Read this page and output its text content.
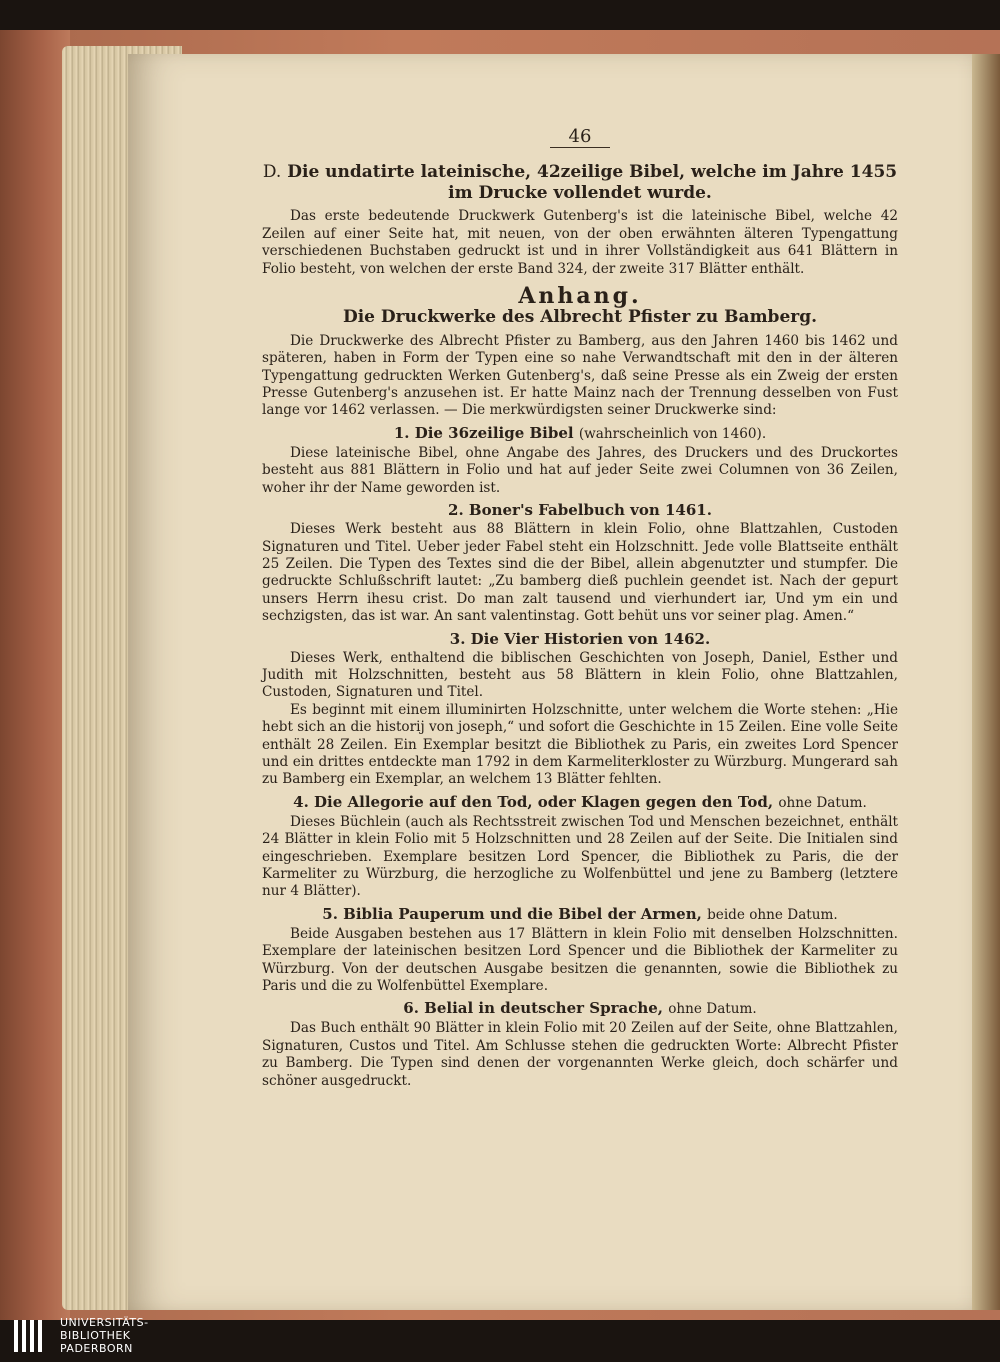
46
D. Die undatirte lateinische, 42zeilige Bibel, welche im Jahre 1455 im Drucke vollendet wurde.

Das erste bedeutende Druckwerk Gutenberg's ist die lateinische Bibel, welche 42 Zeilen auf einer Seite hat, mit neuen, von der oben erwähnten älteren Typengattung verschiedenen Buchstaben gedruckt ist und in ihrer Vollständigkeit aus 641 Blättern in Folio besteht, von welchen der erste Band 324, der zweite 317 Blätter enthält.

Anhang.
Die Druckwerke des Albrecht Pfister zu Bamberg.

Die Druckwerke des Albrecht Pfister zu Bamberg, aus den Jahren 1460 bis 1462 und späteren, haben in Form der Typen eine so nahe Verwandtschaft mit den in der älteren Typengattung gedruckten Werken Gutenberg's, daß seine Presse als ein Zweig der ersten Presse Gutenberg's anzusehen ist. Er hatte Mainz nach der Trennung desselben von Fust lange vor 1462 verlassen. — Die merkwürdigsten seiner Druckwerke sind:

1. Die 36zeilige Bibel (wahrscheinlich von 1460).

Diese lateinische Bibel, ohne Angabe des Jahres, des Druckers und des Druckortes besteht aus 881 Blättern in Folio und hat auf jeder Seite zwei Columnen von 36 Zeilen, woher ihr der Name geworden ist.

2. Boner's Fabelbuch von 1461.

Dieses Werk besteht aus 88 Blättern in klein Folio, ohne Blattzahlen, Custoden Signaturen und Titel. Ueber jeder Fabel steht ein Holzschnitt. Jede volle Blattseite enthält 25 Zeilen. Die Typen des Textes sind die der Bibel, allein abgenutzter und stumpfer. Die gedruckte Schlußschrift lautet: „Zu bamberg dieß puchlein geendet ist. Nach der gepurt unsers Herrn ihesu crist. Do man zalt tausend und vierhundert iar, Und ym ein und sechzigsten, das ist war. An sant valentinstag. Gott behüt uns vor seiner plag. Amen.“

3. Die Vier Historien von 1462.

Dieses Werk, enthaltend die biblischen Geschichten von Joseph, Daniel, Esther und Judith mit Holzschnitten, besteht aus 58 Blättern in klein Folio, ohne Blattzahlen, Custoden, Signaturen und Titel.

Es beginnt mit einem illuminirten Holzschnitte, unter welchem die Worte stehen: „Hie hebt sich an die historij von joseph,“ und sofort die Geschichte in 15 Zeilen. Eine volle Seite enthält 28 Zeilen. Ein Exemplar besitzt die Bibliothek zu Paris, ein zweites Lord Spencer und ein drittes entdeckte man 1792 in dem Karmeliterkloster zu Würzburg. Mungerard sah zu Bamberg ein Exemplar, an welchem 13 Blätter fehlten.

4. Die Allegorie auf den Tod, oder Klagen gegen den Tod, ohne Datum.

Dieses Büchlein (auch als Rechtsstreit zwischen Tod und Menschen bezeichnet, enthält 24 Blätter in klein Folio mit 5 Holzschnitten und 28 Zeilen auf der Seite. Die Initialen sind eingeschrieben. Exemplare besitzen Lord Spencer, die Bibliothek zu Paris, die der Karmeliter zu Würzburg, die herzogliche zu Wolfenbüttel und jene zu Bamberg (letztere nur 4 Blätter).

5. Biblia Pauperum und die Bibel der Armen, beide ohne Datum.

Beide Ausgaben bestehen aus 17 Blättern in klein Folio mit denselben Holzschnitten. Exemplare der lateinischen besitzen Lord Spencer und die Bibliothek der Karmeliter zu Würzburg. Von der deutschen Ausgabe besitzen die genannten, sowie die Bibliothek zu Paris und die zu Wolfenbüttel Exemplare.

6. Belial in deutscher Sprache, ohne Datum.

Das Buch enthält 90 Blätter in klein Folio mit 20 Zeilen auf der Seite, ohne Blattzahlen, Signaturen, Custos und Titel. Am Schlusse stehen die gedruckten Worte: Albrecht Pfister zu Bamberg. Die Typen sind denen der vorgenannten Werke gleich, doch schärfer und schöner ausgedruckt.

UNIVERSITÄTS-
BIBLIOTHEK
PADERBORN
